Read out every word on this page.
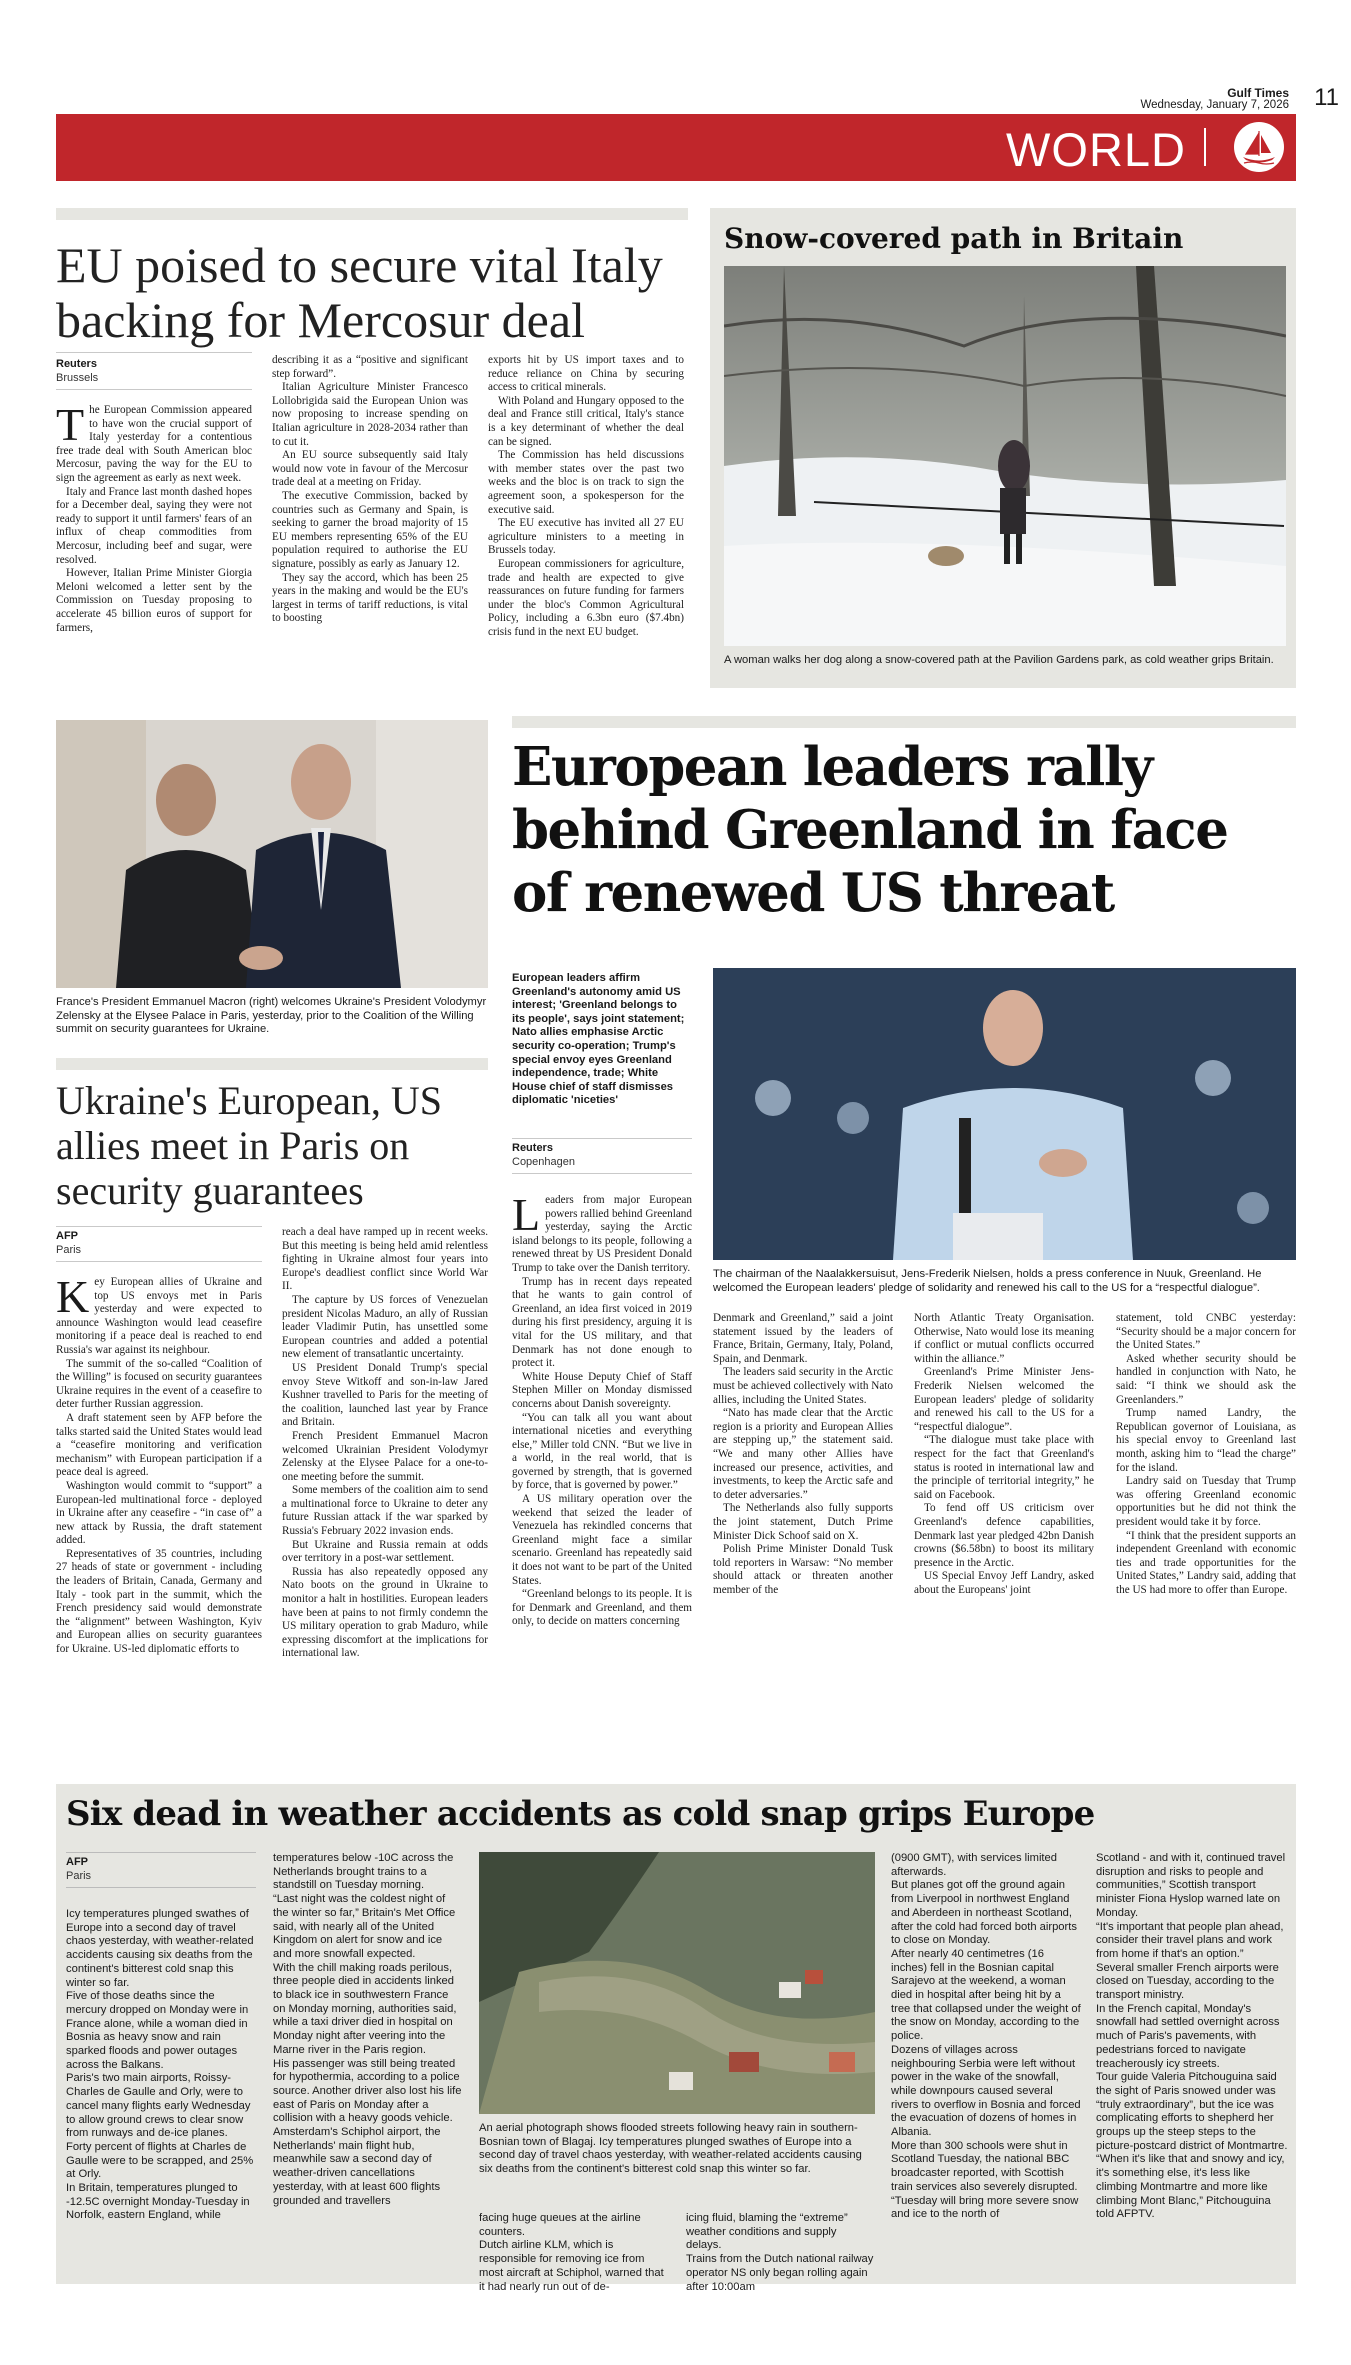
Gulf Times
Wednesday, January 7, 2026 11
WORLD
EU poised to secure vital Italy backing for Mercosur deal
Reuters
Brussels
T he European Commission appeared to have won the crucial support of Italy yesterday for a contentious free trade deal with South American bloc Mercosur, paving the way for the EU to sign the agreement as early as next week.

Italy and France last month dashed hopes for a December deal, saying they were not ready to support it until farmers' fears of an influx of cheap commodities from Mercosur, including beef and sugar, were resolved.

However, Italian Prime Minister Giorgia Meloni welcomed a letter sent by the Commission on Tuesday proposing to accelerate 45 billion euros of support for farmers,

describing it as a “positive and significant step forward”.

Italian Agriculture Minister Francesco Lollobrigida said the European Union was now proposing to increase spending on Italian agriculture in 2028-2034 rather than to cut it.

An EU source subsequently said Italy would now vote in favour of the Mercosur trade deal at a meeting on Friday.

The executive Commission, backed by countries such as Germany and Spain, is seeking to garner the broad majority of 15 EU members representing 65% of the EU population required to authorise the EU signature, possibly as early as January 12.

They say the accord, which has been 25 years in the making and would be the EU's largest in terms of tariff reductions, is vital to boosting

exports hit by US import taxes and to reduce reliance on China by securing access to critical minerals.

With Poland and Hungary opposed to the deal and France still critical, Italy's stance is a key determinant of whether the deal can be signed.

The Commission has held discussions with member states over the past two weeks and the bloc is on track to sign the agreement soon, a spokesperson for the executive said.

The EU executive has invited all 27 EU agriculture ministers to a meeting in Brussels today.

European commissioners for agriculture, trade and health are expected to give reassurances on future funding for farmers under the bloc's Common Agricultural Policy, including a 6.3bn euro ($7.4bn) crisis fund in the next EU budget.

Snow-covered path in Britain
A woman walks her dog along a snow-covered path at the Pavilion Gardens park, as cold weather grips Britain.
France's President Emmanuel Macron (right) welcomes Ukraine's President Volodymyr Zelensky at the Elysee Palace in Paris, yesterday, prior to the Coalition of the Willing summit on security guarantees for Ukraine.
Ukraine's European, US allies meet in Paris on security guarantees
AFP
Paris
K ey European allies of Ukraine and top US envoys met in Paris yesterday and were expected to announce Washington would lead ceasefire monitoring if a peace deal is reached to end Russia's war against its neighbour.

The summit of the so-called “Coalition of the Willing” is focused on security guarantees Ukraine requires in the event of a ceasefire to deter further Russian aggression.

A draft statement seen by AFP before the talks started said the United States would lead a “ceasefire monitoring and verification mechanism” with European participation if a peace deal is agreed.

Washington would commit to “support” a European-led multinational force - deployed in Ukraine after any ceasefire - “in case of” a new attack by Russia, the draft statement added.

Representatives of 35 countries, including 27 heads of state or government - including the leaders of Britain, Canada, Germany and Italy - took part in the summit, which the French presidency said would demonstrate the “alignment” between Washington, Kyiv and European allies on security guarantees for Ukraine. US-led diplomatic efforts to

reach a deal have ramped up in recent weeks. But this meeting is being held amid relentless fighting in Ukraine almost four years into Europe's deadliest conflict since World War II.

The capture by US forces of Venezuelan president Nicolas Maduro, an ally of Russian leader Vladimir Putin, has unsettled some European countries and added a potential new element of transatlantic uncertainty.

US President Donald Trump's special envoy Steve Witkoff and son-in-law Jared Kushner travelled to Paris for the meeting of the coalition, launched last year by France and Britain.

French President Emmanuel Macron welcomed Ukrainian President Volodymyr Zelensky at the Elysee Palace for a one-to-one meeting before the summit.

Some members of the coalition aim to send a multinational force to Ukraine to deter any future Russian attack if the war sparked by Russia's February 2022 invasion ends.

But Ukraine and Russia remain at odds over territory in a post-war settlement.

Russia has also repeatedly opposed any Nato boots on the ground in Ukraine to monitor a halt in hostilities. European leaders have been at pains to not firmly condemn the US military operation to grab Maduro, while expressing discomfort at the implications for international law.

European leaders rally behind Greenland in face of renewed US threat
European leaders affirm Greenland's autonomy amid US interest; 'Greenland belongs to its people', says joint statement; Nato allies emphasise Arctic security co-operation; Trump's special envoy eyes Greenland independence, trade; White House chief of staff dismisses diplomatic 'niceties'
Reuters
Copenhagen
L eaders from major European powers rallied behind Greenland yesterday, saying the Arctic island belongs to its people, following a renewed threat by US President Donald Trump to take over the Danish territory.

Trump has in recent days repeated that he wants to gain control of Greenland, an idea first voiced in 2019 during his first presidency, arguing it is vital for the US military, and that Denmark has not done enough to protect it.

White House Deputy Chief of Staff Stephen Miller on Monday dismissed concerns about Danish sovereignty.

“You can talk all you want about international niceties and everything else,” Miller told CNN. “But we live in a world, in the real world, that is governed by strength, that is governed by force, that is governed by power.”

A US military operation over the weekend that seized the leader of Venezuela has rekindled concerns that Greenland might face a similar scenario. Greenland has repeatedly said it does not want to be part of the United States.

“Greenland belongs to its people. It is for Denmark and Greenland, and them only, to decide on matters concerning

The chairman of the Naalakkersuisut, Jens-Frederik Nielsen, holds a press conference in Nuuk, Greenland. He welcomed the European leaders' pledge of solidarity and renewed his call to the US for a “respectful dialogue”.

Denmark and Greenland,” said a joint statement issued by the leaders of France, Britain, Germany, Italy, Poland, Spain, and Denmark.

The leaders said security in the Arctic must be achieved collectively with Nato allies, including the United States.

“Nato has made clear that the Arctic region is a priority and European Allies are stepping up,” the statement said. “We and many other Allies have increased our presence, activities, and investments, to keep the Arctic safe and to deter adversaries.”

The Netherlands also fully supports the joint statement, Dutch Prime Minister Dick Schoof said on X.

Polish Prime Minister Donald Tusk told reporters in Warsaw: “No member should attack or threaten another member of the

North Atlantic Treaty Organisation. Otherwise, Nato would lose its meaning if conflict or mutual conflicts occurred within the alliance.”

Greenland's Prime Minister Jens-Frederik Nielsen welcomed the European leaders' pledge of solidarity and renewed his call to the US for a “respectful dialogue”.

“The dialogue must take place with respect for the fact that Greenland's status is rooted in international law and the principle of territorial integrity,” he said on Facebook.

To fend off US criticism over Greenland's defence capabilities, Denmark last year pledged 42bn Danish crowns ($6.58bn) to boost its military presence in the Arctic.

US Special Envoy Jeff Landry, asked about the Europeans' joint

statement, told CNBC yesterday: “Security should be a major concern for the United States.”

Asked whether security should be handled in conjunction with Nato, he said: “I think we should ask the Greenlanders.”

Trump named Landry, the Republican governor of Louisiana, as his special envoy to Greenland last month, asking him to “lead the charge” for the island.

Landry said on Tuesday that Trump was offering Greenland economic opportunities but he did not think the president would take it by force.

“I think that the president supports an independent Greenland with economic ties and trade opportunities for the United States,” Landry said, adding that the US had more to offer than Europe.

Six dead in weather accidents as cold snap grips Europe
AFP
Paris

Icy temperatures plunged swathes of Europe into a second day of travel chaos yesterday, with weather-related accidents causing six deaths from the continent's bitterest cold snap this winter so far.

Five of those deaths since the mercury dropped on Monday were in France alone, while a woman died in Bosnia as heavy snow and rain sparked floods and power outages across the Balkans.

Paris's two main airports, Roissy-Charles de Gaulle and Orly, were to cancel many flights early Wednesday to allow ground crews to clear snow from runways and de-ice planes.

Forty percent of flights at Charles de Gaulle were to be scrapped, and 25% at Orly.

In Britain, temperatures plunged to -12.5C overnight Monday-Tuesday in Norfolk, eastern England, while

temperatures below -10C across the Netherlands brought trains to a standstill on Tuesday morning.

“Last night was the coldest night of the winter so far,” Britain's Met Office said, with nearly all of the United Kingdom on alert for snow and ice and more snowfall expected.

With the chill making roads perilous, three people died in accidents linked to black ice in southwestern France on Monday morning, authorities said, while a taxi driver died in hospital on Monday night after veering into the Marne river in the Paris region.

His passenger was still being treated for hypothermia, according to a police source. Another driver also lost his life east of Paris on Monday after a collision with a heavy goods vehicle.

Amsterdam's Schiphol airport, the Netherlands' main flight hub, meanwhile saw a second day of weather-driven cancellations yesterday, with at least 600 flights grounded and travellers

An aerial photograph shows flooded streets following heavy rain in southern-Bosnian town of Blagaj. Icy temperatures plunged swathes of Europe into a second day of travel chaos yesterday, with weather-related accidents causing six deaths from the continent's bitterest cold snap this winter so far.

facing huge queues at the airline counters.

Dutch airline KLM, which is responsible for removing ice from most aircraft at Schiphol, warned that it had nearly run out of de-

icing fluid, blaming the “extreme” weather conditions and supply delays.

Trains from the Dutch national railway operator NS only began rolling again after 10:00am

(0900 GMT), with services limited afterwards.

But planes got off the ground again from Liverpool in northwest England and Aberdeen in northeast Scotland, after the cold had forced both airports to close on Monday.

After nearly 40 centimetres (16 inches) fell in the Bosnian capital Sarajevo at the weekend, a woman died in hospital after being hit by a tree that collapsed under the weight of the snow on Monday, according to the police.

Dozens of villages across neighbouring Serbia were left without power in the wake of the snowfall, while downpours caused several rivers to overflow in Bosnia and forced the evacuation of dozens of homes in Albania.

More than 300 schools were shut in Scotland Tuesday, the national BBC broadcaster reported, with Scottish train services also severely disrupted.

“Tuesday will bring more severe snow and ice to the north of

Scotland - and with it, continued travel disruption and risks to people and communities,” Scottish transport minister Fiona Hyslop warned late on Monday.

“It's important that people plan ahead, consider their travel plans and work from home if that's an option.”

Several smaller French airports were closed on Tuesday, according to the transport ministry.

In the French capital, Monday's snowfall had settled overnight across much of Paris's pavements, with pedestrians forced to navigate treacherously icy streets.

Tour guide Valeria Pitchouguina said the sight of Paris snowed under was “truly extraordinary”, but the ice was complicating efforts to shepherd her groups up the steep steps to the picture-postcard district of Montmartre.

“When it's like that and snowy and icy, it's something else, it's less like climbing Montmartre and more like climbing Mont Blanc,” Pitchouguina told AFPTV.
